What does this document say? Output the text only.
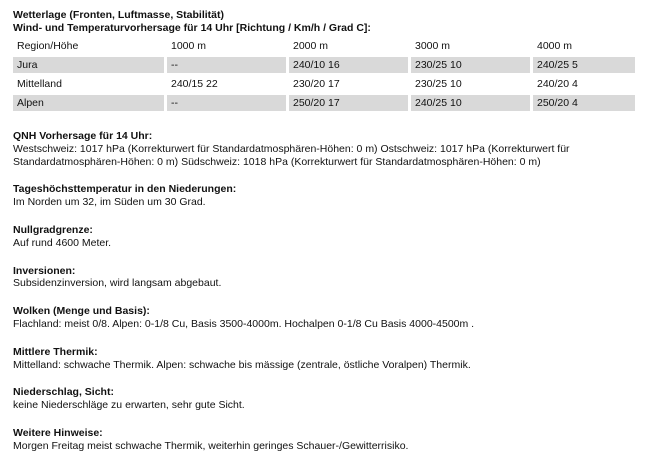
Wetterlage (Fronten, Luftmasse, Stabilität)
Wind- und Temperaturvorhersage für 14 Uhr [Richtung / Km/h / Grad C]:
Region/Höhe	1000 m	2000 m	3000 m	4000 m
Jura	--	240/10 16	230/25 10	240/25 5
Mittelland	240/15 22	230/20 17	230/25 10	240/20 4
Alpen	--	250/20 17	240/25 10	250/20 4
QNH Vorhersage für 14 Uhr:
Westschweiz: 1017 hPa (Korrekturwert für Standardatmosphären-Höhen: 0 m) Ostschweiz: 1017 hPa (Korrekturwert für
Standardatmosphären-Höhen: 0 m) Südschweiz: 1018 hPa (Korrekturwert für Standardatmosphären-Höhen: 0 m)
Tageshöchsttemperatur in den Niederungen:
Im Norden um 32, im Süden um 30 Grad.
Nullgradgrenze:
Auf rund 4600 Meter.
Inversionen:
Subsidenzinversion, wird langsam abgebaut.
Wolken (Menge und Basis):
Flachland: meist 0/8. Alpen: 0-1/8 Cu, Basis 3500-4000m. Hochalpen 0-1/8 Cu Basis 4000-4500m .
Mittlere Thermik:
Mittelland: schwache Thermik. Alpen: schwache bis mässige (zentrale, östliche Voralpen) Thermik.
Niederschlag, Sicht:
keine Niederschläge zu erwarten, sehr gute Sicht.
Weitere Hinweise:
Morgen Freitag meist schwache Thermik, weiterhin geringes Schauer-/Gewitterrisiko.
